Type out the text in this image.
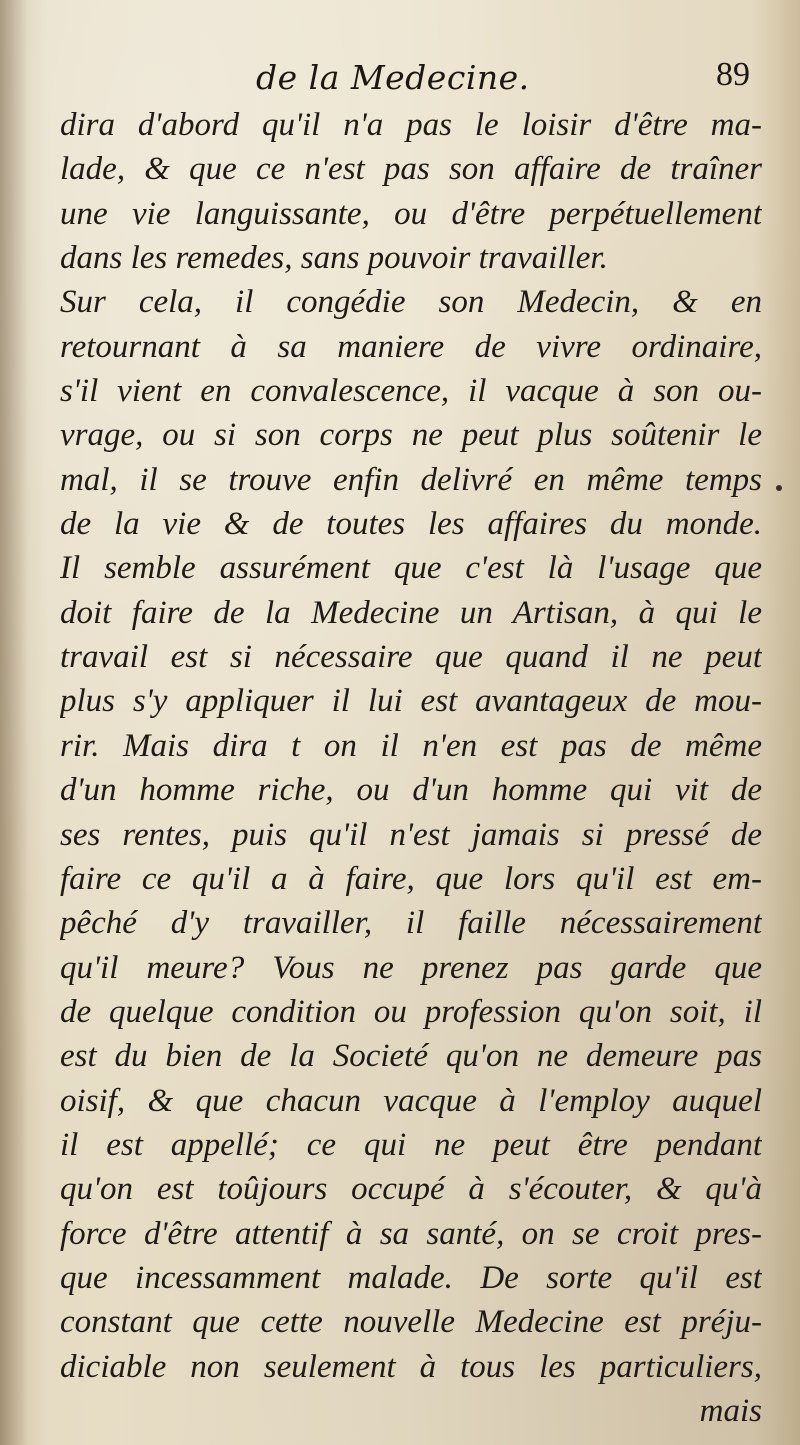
de la Medecine.	89
dira d'abord qu'il n'a pas le loisir d'être ma-
lade, & que ce n'est pas son affaire de traîner
une vie languissante, ou d'être perpétuellement
dans les remedes, sans pouvoir travailler.
Sur cela, il congédie son Medecin, & en
retournant à sa maniere de vivre ordinaire,
s'il vient en convalescence, il vacque à son ou-
vrage, ou si son corps ne peut plus soûtenir le
mal, il se trouve enfin delivré en même temps
de la vie & de toutes les affaires du monde.
Il semble assurément que c'est là l'usage que
doit faire de la Medecine un Artisan, à qui le
travail est si nécessaire que quand il ne peut
plus s'y appliquer il lui est avantageux de mou-
rir. Mais dira t on il n'en est pas de même
d'un homme riche, ou d'un homme qui vit de
ses rentes, puis qu'il n'est jamais si pressé de
faire ce qu'il a à faire, que lors qu'il est em-
pêché d'y travailler, il faille nécessairement
qu'il meure? Vous ne prenez pas garde que
de quelque condition ou profession qu'on soit, il
est du bien de la Societé qu'on ne demeure pas
oisif, & que chacun vacque à l'employ auquel
il est appellé; ce qui ne peut être pendant
qu'on est toûjours occupé à s'écouter, & qu'à
force d'être attentif à sa santé, on se croit pres-
que incessamment malade. De sorte qu'il est
constant que cette nouvelle Medecine est préju-
diciable non seulement à tous les particuliers,
mais
